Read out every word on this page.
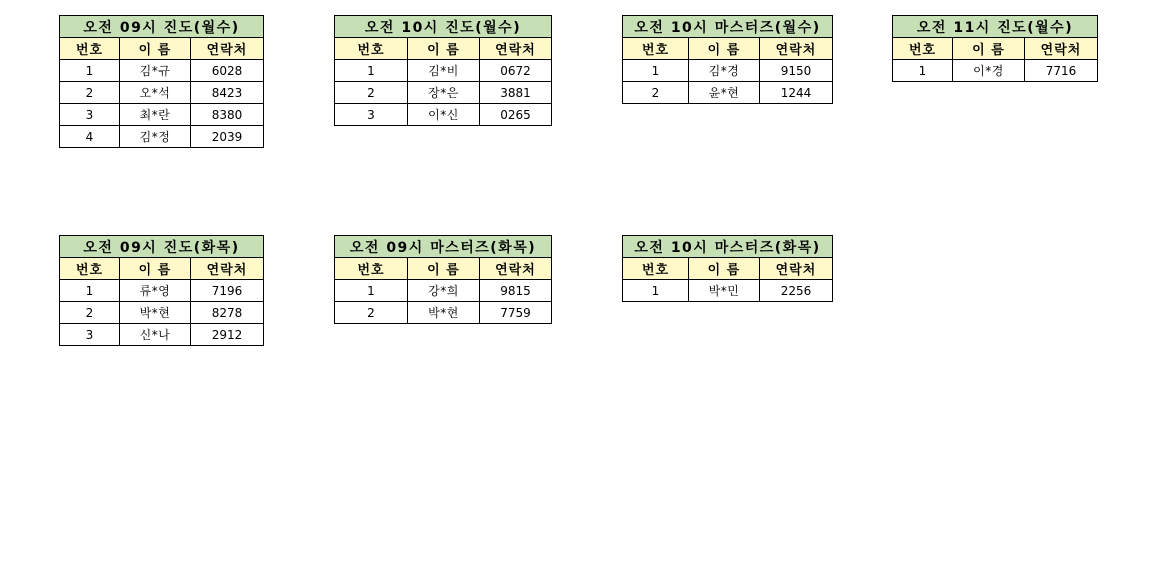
오전 09시 진도(월수)		
번호	이 름	연락처
1	김*규	6028
2	오*석	8423
3	최*란	8380
4	김*정	2039
오전 10시 진도(월수)		
번호	이 름	연락처
1	김*비	0672
2	장*은	3881
3	이*신	0265
오전 10시 마스터즈(월수)		
번호	이 름	연락처
1	김*경	9150
2	윤*현	1244
오전 11시 진도(월수)		
번호	이 름	연락처
1	이*경	7716
오전 09시 진도(화목)		
번호	이 름	연락처
1	류*영	7196
2	박*현	8278
3	신*나	2912
오전 09시 마스터즈(화목)		
번호	이 름	연락처
1	강*희	9815
2	박*현	7759
오전 10시 마스터즈(화목)		
번호	이 름	연락처
1	박*민	2256
